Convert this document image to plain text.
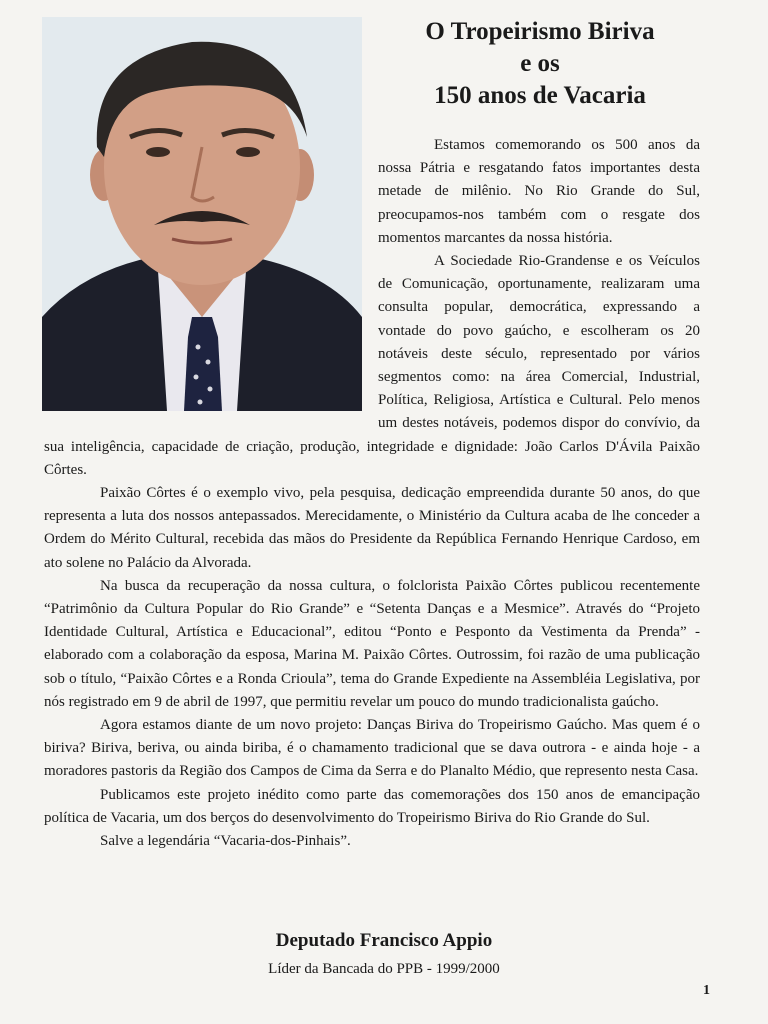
O Tropeirismo Biriva
e os
150 anos de Vacaria

Estamos comemorando os 500 anos da nossa Pátria e resgatando fatos importantes desta metade de milênio. No Rio Grande do Sul, preocupamos-nos também com o resgate dos momentos marcantes da nossa história.

A Sociedade Rio-Grandense e os Veículos de Comunicação, oportunamente, realizaram uma consulta popular, democrática, expressando a vontade do povo gaúcho, e escolheram os 20 notáveis deste século, representado por vários segmentos como: na área Comercial, Industrial, Política, Religiosa, Artística e Cultural. Pelo menos um destes notáveis, podemos dispor do convívio, da sua inteligência, capacidade de criação, produção, integridade e dignidade: João Carlos D'Ávila Paixão Côrtes.

Paixão Côrtes é o exemplo vivo, pela pesquisa, dedicação empreendida durante 50 anos, do que representa a luta dos nossos antepassados. Merecidamente, o Ministério da Cultura acaba de lhe conceder a Ordem do Mérito Cultural, recebida das mãos do Presidente da República Fernando Henrique Cardoso, em ato solene no Palácio da Alvorada.

Na busca da recuperação da nossa cultura, o folclorista Paixão Côrtes publicou recentemente “Patrimônio da Cultura Popular do Rio Grande” e “Setenta Danças e a Mesmice”. Através do “Projeto Identidade Cultural, Artística e Educacional”, editou “Ponto e Pesponto da Vestimenta da Prenda” - elaborado com a colaboração da esposa, Marina M. Paixão Côrtes. Outrossim, foi razão de uma publicação sob o título, “Paixão Côrtes e a Ronda Crioula”, tema do Grande Expediente na Assembléia Legislativa, por nós registrado em 9 de abril de 1997, que permitiu revelar um pouco do mundo tradicionalista gaúcho.

Agora estamos diante de um novo projeto: Danças Biriva do Tropeirismo Gaúcho. Mas quem é o biriva? Biriva, beriva, ou ainda biriba, é o chamamento tradicional que se dava outrora - e ainda hoje - a moradores pastoris da Região dos Campos de Cima da Serra e do Planalto Médio, que represento nesta Casa.

Publicamos este projeto inédito como parte das comemorações dos 150 anos de emancipação política de Vacaria, um dos berços do desenvolvimento do Tropeirismo Biriva do Rio Grande do Sul.

Salve a legendária “Vacaria-dos-Pinhais”.

Deputado Francisco Appio

Líder da Bancada do PPB - 1999/2000

1
